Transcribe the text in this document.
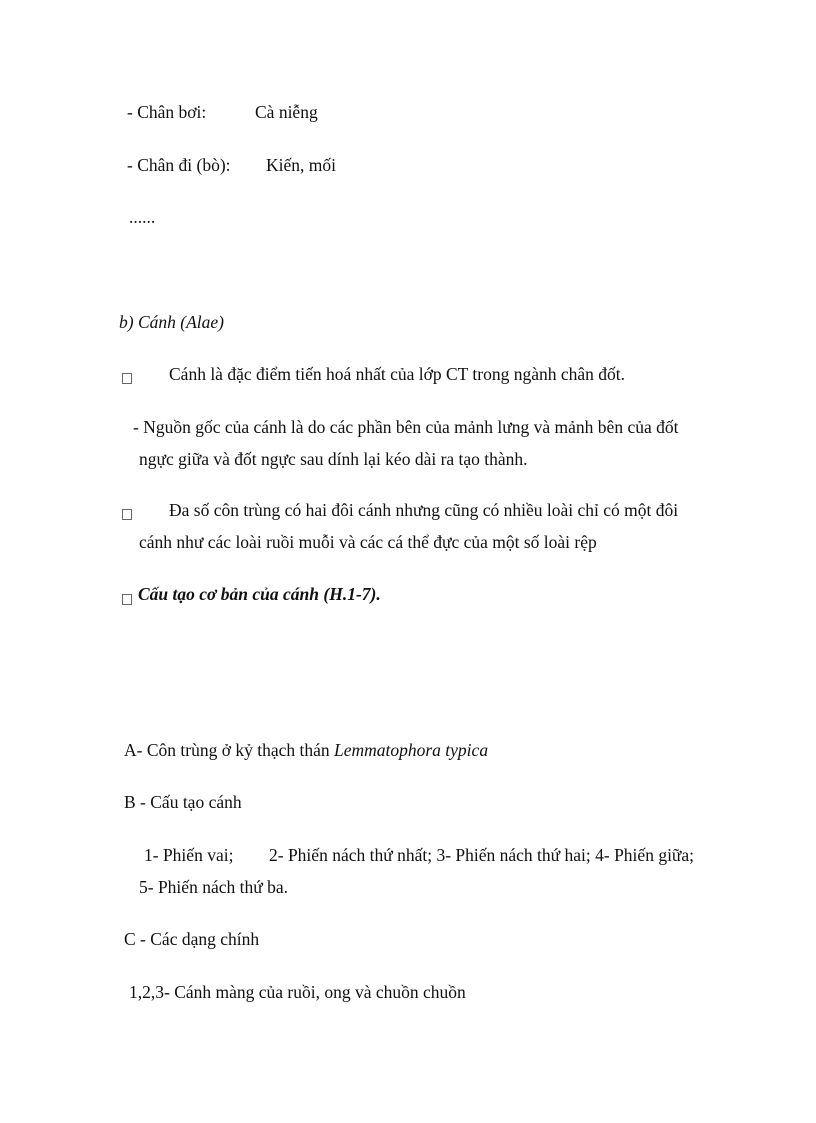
- Chân bơi:	Cà niễng
- Chân đi (bò): Kiến, mối
......
b) Cánh (Alae)
Cánh là đặc điểm tiến hoá nhất của lớp CT trong ngành chân đốt.
- Nguồn gốc của cánh là do các phần bên của mảnh lưng và mảnh bên của đốt
ngực giữa và đốt ngực sau dính lại kéo dài ra tạo thành.
Đa số côn trùng có hai đôi cánh nhưng cũng có nhiều loài chỉ có một đôi
cánh như các loài ruồi muỗi và các cá thể đực của một số loài rệp
Cấu tạo cơ bản của cánh (H.1-7).
A- Côn trùng ở kỷ thạch thán Lemmatophora typica
B - Cấu tạo cánh
1- Phiến vai; 2- Phiến nách thứ nhất; 3- Phiến nách thứ hai; 4- Phiến giữa;
5- Phiến nách thứ ba.
C - Các dạng chính
1,2,3- Cánh màng của ruồi, ong và chuồn chuồn
